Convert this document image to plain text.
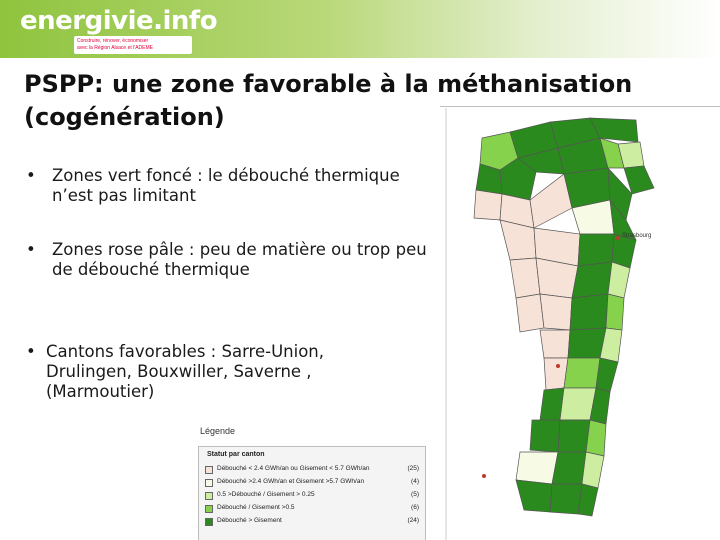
energivie.info
Construire, rénover, économiser
avec la Région Alsace et l'ADEME
PSPP: une zone favorable à la méthanisation
(cogénération)
• Zones vert foncé : le débouché thermique n’est pas limitant
• Zones rose pâle : peu de matière ou trop peu de débouché thermique
• Cantons favorables : Sarre-Union, Drulingen, Bouxwiller, Saverne , (Marmoutier)
Légende
Statut par canton
Débouché < 2.4 GWh/an ou Gisement < 5.7 GWh/an	(25)
Débouché >2.4 GWh/an et Gisement >5.7 GWh/an	(4)
0.5 >Débouché / Gisement > 0.25	(5)
Débouché / Gisement >0.5	(6)
Débouché > Gisement	(24)
Strasbourg
